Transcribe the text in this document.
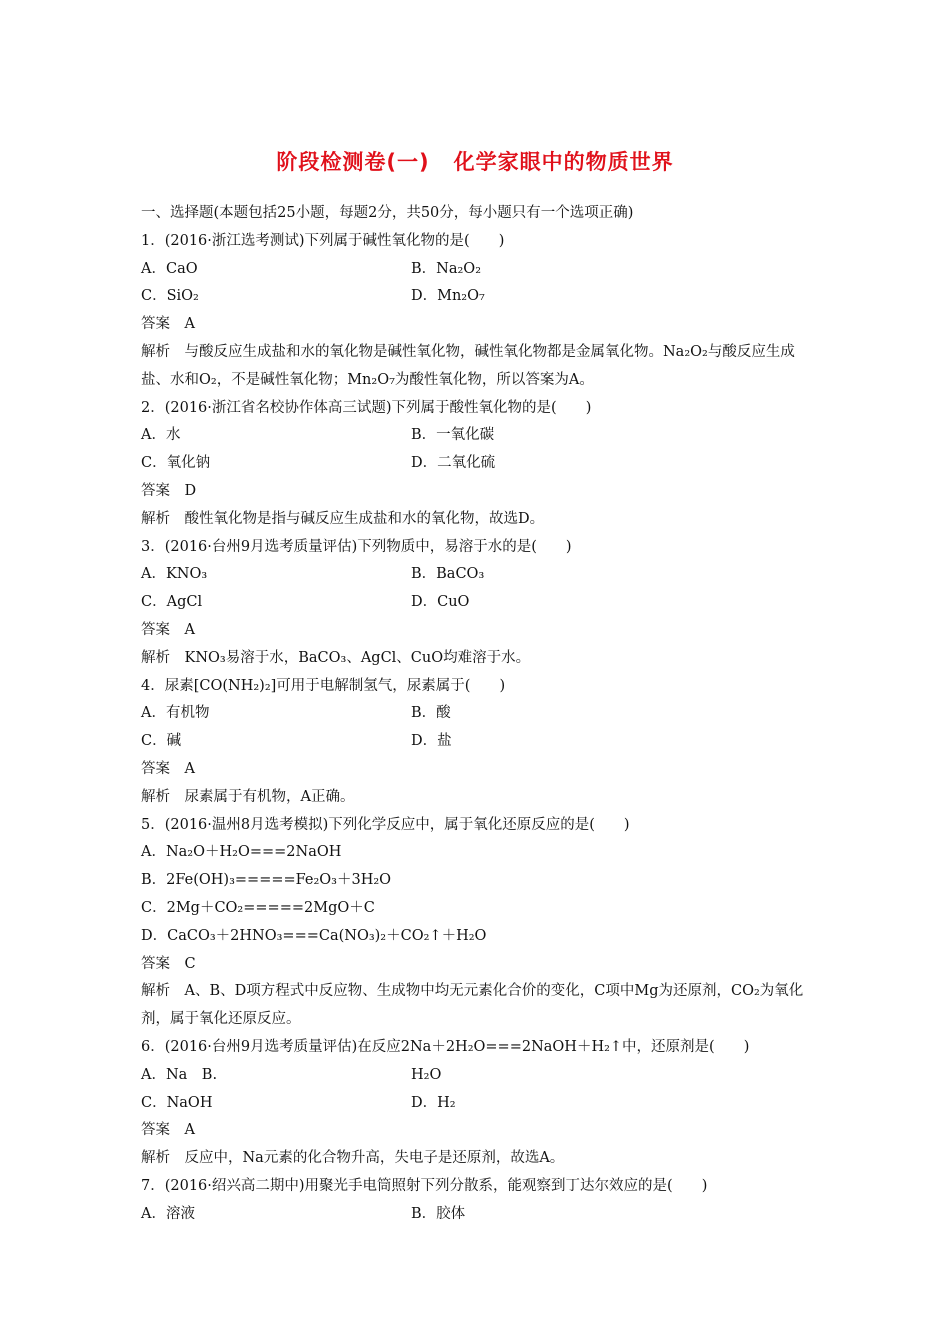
阶段检测卷(一) 化学家眼中的物质世界
一、选择题(本题包括25小题，每题2分，共50分，每小题只有一个选项正确)
1．(2016·浙江选考测试)下列属于碱性氧化物的是(　　)
A．CaO	B．Na₂O₂
C．SiO₂	D．Mn₂O₇
答案　A
解析　与酸反应生成盐和水的氧化物是碱性氧化物，碱性氧化物都是金属氧化物。Na₂O₂与酸反应生成盐、水和O₂，不是碱性氧化物；Mn₂O₇为酸性氧化物，所以答案为A。
2．(2016·浙江省名校协作体高三试题)下列属于酸性氧化物的是(　　)
A．水	B．一氧化碳
C．氧化钠	D．二氧化硫
答案　D
解析　酸性氧化物是指与碱反应生成盐和水的氧化物，故选D。
3．(2016·台州9月选考质量评估)下列物质中，易溶于水的是(　　)
A．KNO₃	B．BaCO₃
C．AgCl	D．CuO
答案　A
解析　KNO₃易溶于水，BaCO₃、AgCl、CuO均难溶于水。
4．尿素[CO(NH₂)₂]可用于电解制氢气，尿素属于(　　)
A．有机物	B．酸
C．碱	D．盐
答案　A
解析　尿素属于有机物，A正确。
5．(2016·温州8月选考模拟)下列化学反应中，属于氧化还原反应的是(　　)
A．Na₂O＋H₂O===2NaOH
B．2Fe(OH)₃=====Fe₂O₃＋3H₂O
C．2Mg＋CO₂=====2MgO＋C
D．CaCO₃＋2HNO₃===Ca(NO₃)₂＋CO₂↑＋H₂O
答案　C
解析　A、B、D项方程式中反应物、生成物中均无元素化合价的变化，C项中Mg为还原剂，CO₂为氧化剂，属于氧化还原反应。
6．(2016·台州9月选考质量评估)在反应2Na＋2H₂O===2NaOH＋H₂↑中，还原剂是(　　)
A．Na　B.	H₂O
C．NaOH	D．H₂
答案　A
解析　反应中，Na元素的化合物升高，失电子是还原剂，故选A。
7．(2016·绍兴高二期中)用聚光手电筒照射下列分散系，能观察到丁达尔效应的是(　　)
A．溶液	B．胶体
